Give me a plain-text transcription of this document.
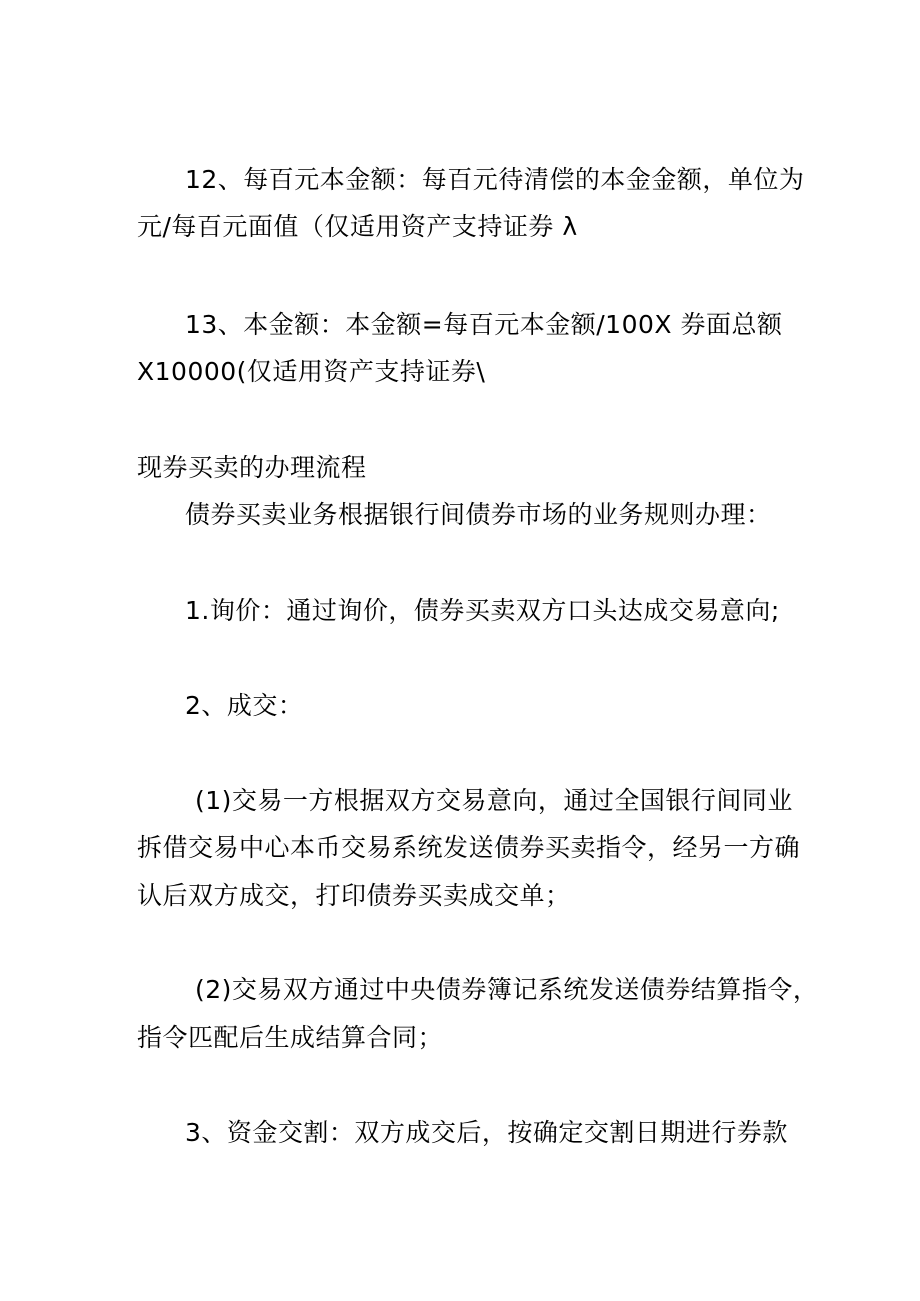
12、每百元本金额：每百元待清偿的本金金额，单位为
元/每百元面值（仅适用资产支持证券 λ
13、本金额：本金额=每百元本金额/100X 券面总额
X10000(仅适用资产支持证券\
现券买卖的办理流程
债券买卖业务根据银行间债券市场的业务规则办理：
1.询价：通过询价，债券买卖双方口头达成交易意向;
2、成交：
(1)交易一方根据双方交易意向，通过全国银行间同业
拆借交易中心本币交易系统发送债券买卖指令，经另一方确
认后双方成交，打印债券买卖成交单；
(2)交易双方通过中央债券簿记系统发送债券结算指令，
指令匹配后生成结算合同；
3、资金交割：双方成交后，按确定交割日期进行券款
